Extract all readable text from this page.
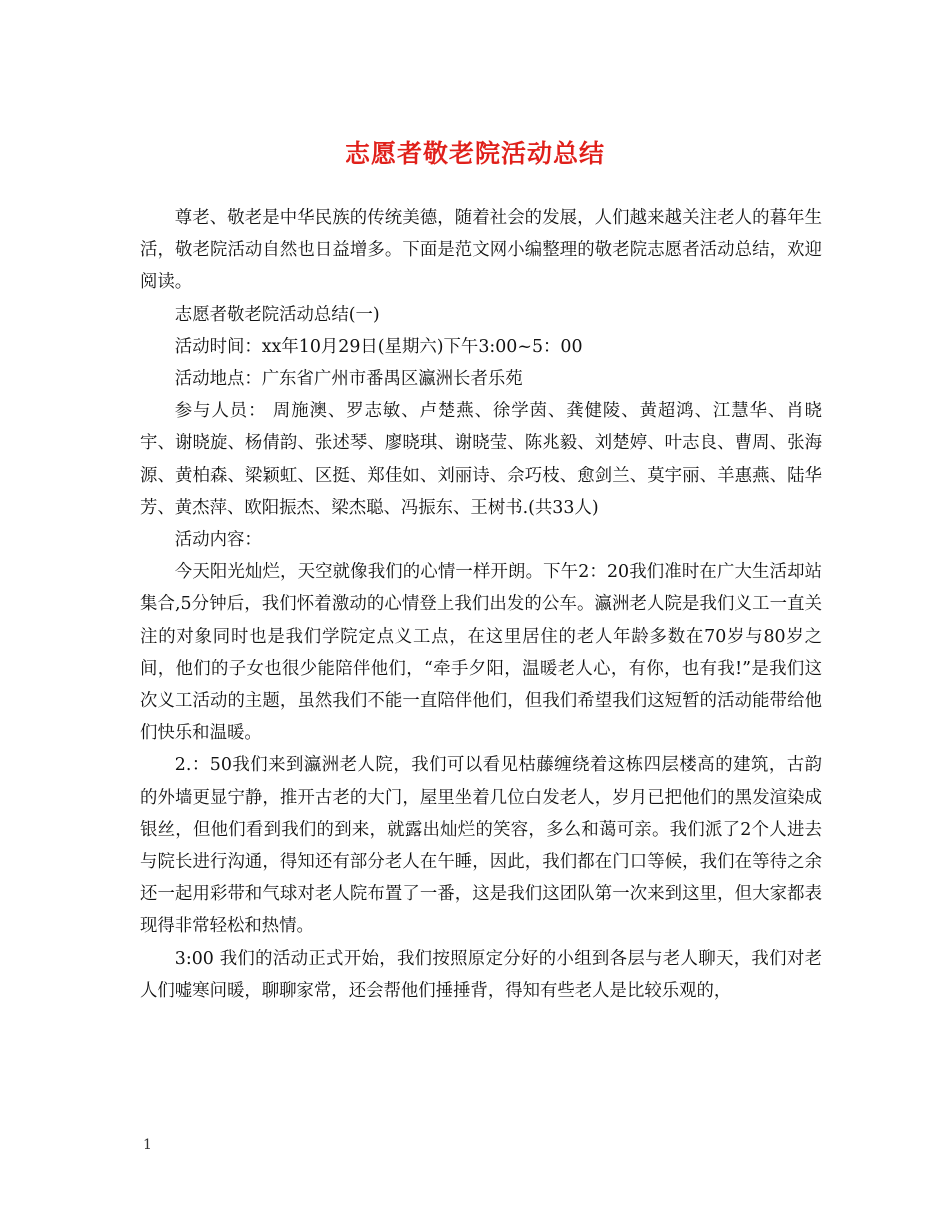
志愿者敬老院活动总结

尊老、敬老是中华民族的传统美德，随着社会的发展，人们越来越关注老人的暮年生活，敬老院活动自然也日益增多。下面是范文网小编整理的敬老院志愿者活动总结，欢迎阅读。

志愿者敬老院活动总结(一)

活动时间：xx年10月29日(星期六)下午3:00~5：00

活动地点：广东省广州市番禺区瀛洲长者乐苑

参与人员： 周施澳、罗志敏、卢楚燕、徐学茵、龚健陵、黄超鸿、江慧华、肖晓宇、谢晓旋、杨倩韵、张述琴、廖晓琪、谢晓莹、陈兆毅、刘楚婷、叶志良、曹周、张海源、黄柏森、梁颖虹、区挺、郑佳如、刘丽诗、佘巧枝、愈剑兰、莫宇丽、羊惠燕、陆华芳、黄杰萍、欧阳振杰、梁杰聪、冯振东、王树书.(共33人)

活动内容：

今天阳光灿烂，天空就像我们的心情一样开朗。下午2：20我们准时在广大生活却站集合,5分钟后，我们怀着激动的心情登上我们出发的公车。瀛洲老人院是我们义工一直关注的对象同时也是我们学院定点义工点，在这里居住的老人年龄多数在70岁与80岁之间，他们的子女也很少能陪伴他们，“牵手夕阳，温暖老人心，有你，也有我!”是我们这次义工活动的主题，虽然我们不能一直陪伴他们，但我们希望我们这短暂的活动能带给他们快乐和温暖。

2.：50我们来到瀛洲老人院，我们可以看见枯藤缠绕着这栋四层楼高的建筑，古韵的外墙更显宁静，推开古老的大门，屋里坐着几位白发老人，岁月已把他们的黑发渲染成银丝，但他们看到我们的到来，就露出灿烂的笑容，多么和蔼可亲。我们派了2个人进去与院长进行沟通，得知还有部分老人在午睡，因此，我们都在门口等候，我们在等待之余还一起用彩带和气球对老人院布置了一番，这是我们这团队第一次来到这里，但大家都表现得非常轻松和热情。

3:00 我们的活动正式开始，我们按照原定分好的小组到各层与老人聊天，我们对老人们嘘寒问暖，聊聊家常，还会帮他们捶捶背，得知有些老人是比较乐观的，

1
